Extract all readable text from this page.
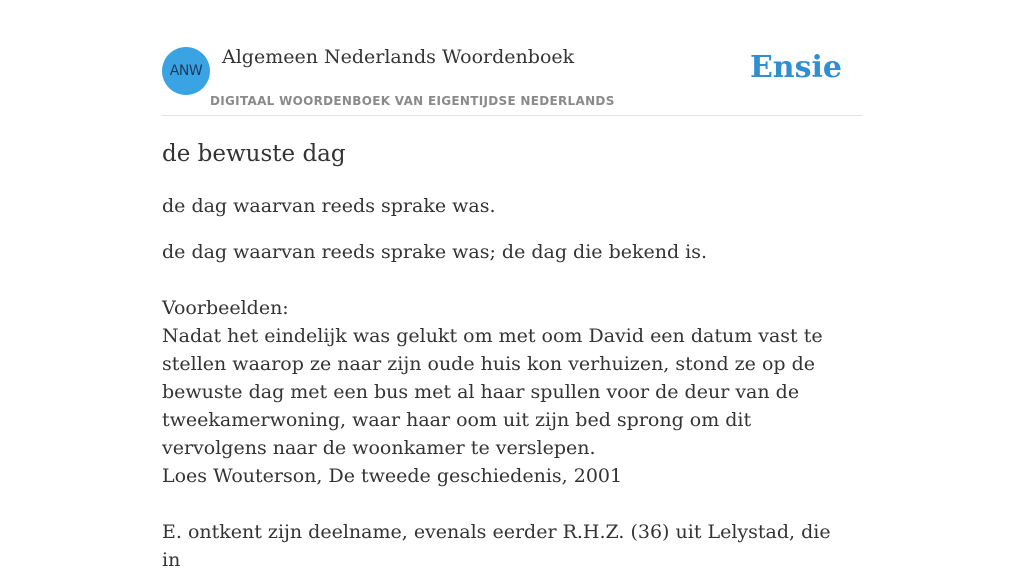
ANW
Algemeen Nederlands Woordenboek
DIGITAAL WOORDENBOEK VAN EIGENTIJDSE NEDERLANDS
Ensie
de bewuste dag

de dag waarvan reeds sprake was.

de dag waarvan reeds sprake was; de dag die bekend is.

Voorbeelden:

Nadat het eindelijk was gelukt om met oom David een datum vast te stellen waarop ze naar zijn oude huis kon verhuizen, stond ze op de bewuste dag met een bus met al haar spullen voor de deur van de tweekamerwoning, waar haar oom uit zijn bed sprong om dit vervolgens naar de woonkamer te verslepen.

Loes Wouterson, De tweede geschiedenis, 2001

E. ontkent zijn deelname, evenals eerder R.H.Z. (36) uit Lelystad, die in
